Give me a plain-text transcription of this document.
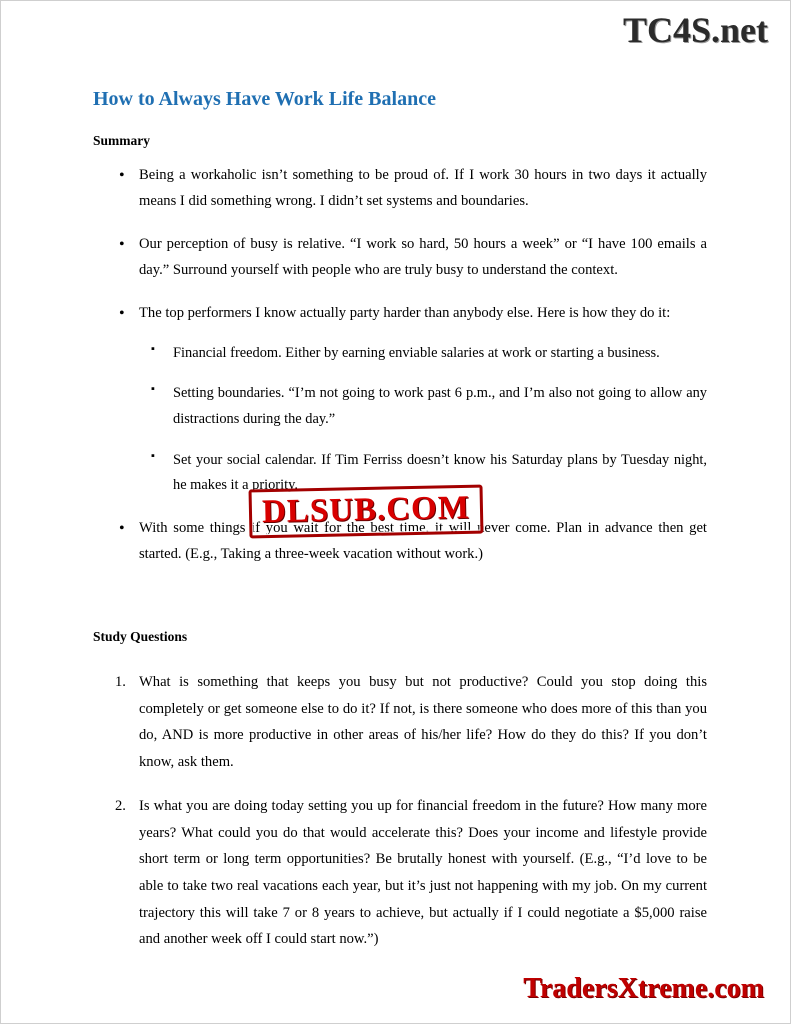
TC4S.net
How to Always Have Work Life Balance
Summary
• Being a workaholic isn’t something to be proud of. If I work 30 hours in two days it actually means I did something wrong. I didn’t set systems and boundaries.
• Our perception of busy is relative. “I work so hard, 50 hours a week” or “I have 100 emails a day.” Surround yourself with people who are truly busy to understand the context.
• The top performers I know actually party harder than anybody else. Here is how they do it:
▪ Financial freedom. Either by earning enviable salaries at work or starting a business.
▪ Setting boundaries. “I’m not going to work past 6 p.m., and I’m also not going to allow any distractions during the day.”
▪ Set your social calendar. If Tim Ferriss doesn’t know his Saturday plans by Tuesday night, he makes it a priority.
• With some things if you wait for the best time, it will never come. Plan in advance then get started. (E.g., Taking a three-week vacation without work.)
Study Questions
What is something that keeps you busy but not productive? Could you stop doing this completely or get someone else to do it? If not, is there someone who does more of this than you do, AND is more productive in other areas of his/her life? How do they do this? If you don’t know, ask them.
Is what you are doing today setting you up for financial freedom in the future? How many more years? What could you do that would accelerate this? Does your income and lifestyle provide short term or long term opportunities? Be brutally honest with yourself. (E.g., “I’d love to be able to take two real vacations each year, but it’s just not happening with my job. On my current trajectory this will take 7 or 8 years to achieve, but actually if I could negotiate a $5,000 raise and another week off I could start now.”)
DLSUB.COM
TradersXtreme.com
